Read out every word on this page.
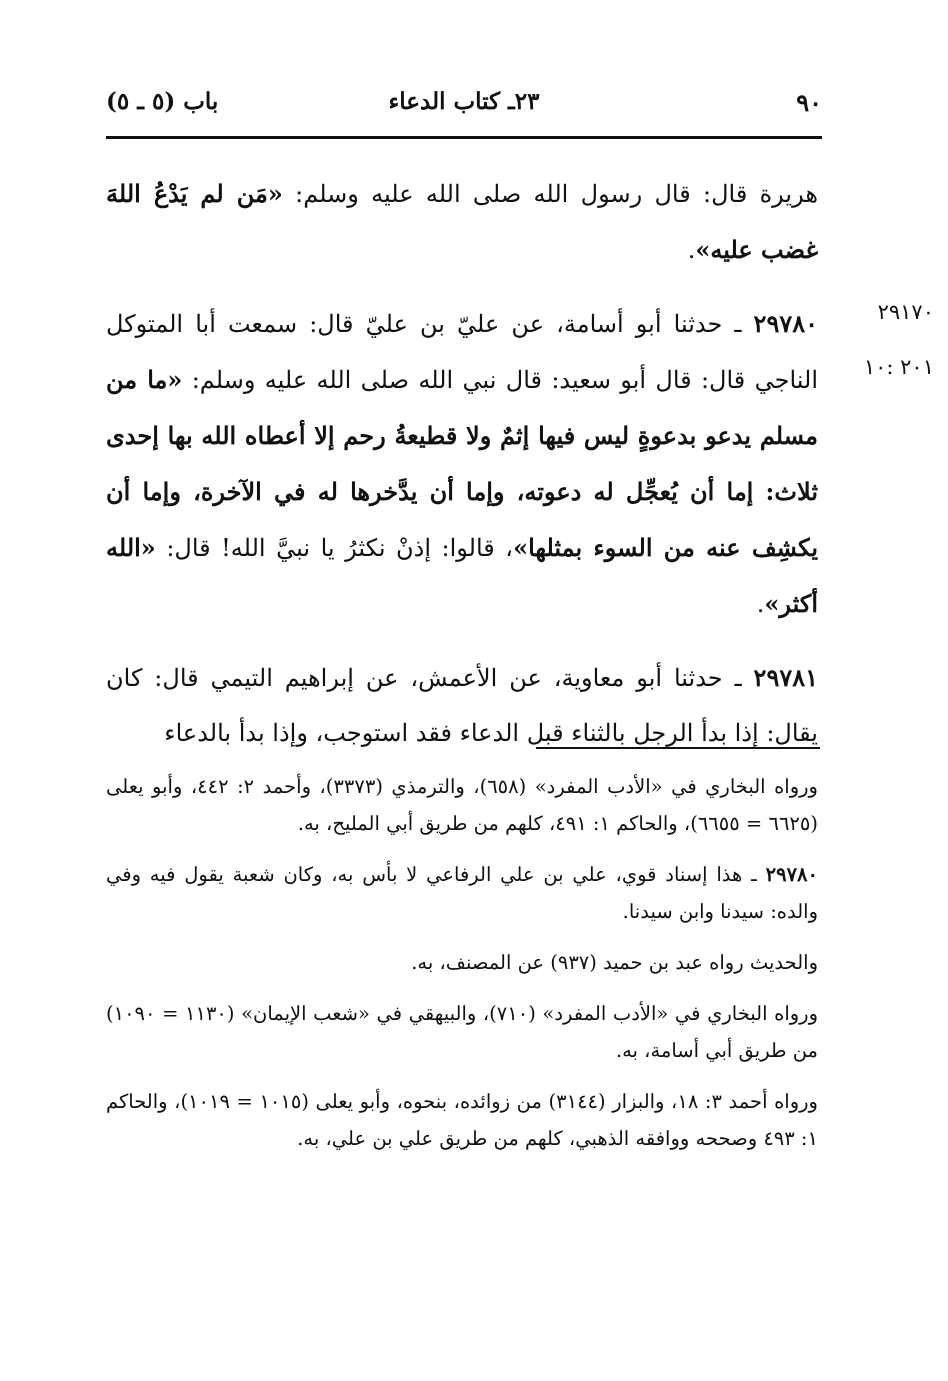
٩٠
٢٣ـ كتاب الدعاء
باب (٥ ـ ٥)

هريرة قال: قال رسول الله صلى الله عليه وسلم: «مَن لم يَدْعُ اللهَ غضب عليه».

٢٩٧٨٠ ـ حدثنا أبو أسامة، عن عليّ بن عليّ قال: سمعت أبا المتوكل الناجي قال: قال أبو سعيد: قال نبي الله صلى الله عليه وسلم: «ما من مسلم يدعو بدعوةٍ ليس فيها إثمٌ ولا قطيعةُ رحم إلا أعطاه الله بها إحدى ثلاث: إما أن يُعجِّل له دعوته، وإما أن يدَّخرها له في الآخرة، وإما أن يكشِف عنه من السوء بمثلها»، قالوا: إذنْ نكثرُ يا نبيَّ الله! قال: «الله أكثر».

٢٩٧٨١ ـ حدثنا أبو معاوية، عن الأعمش، عن إبراهيم التيمي قال: كان يقال: إذا بدأ الرجل بالثناء قبل الدعاء فقد استوجب، وإذا بدأ بالدعاء

٢٩١٧٠
٢٠١ :١٠

ورواه البخاري في «الأدب المفرد» (٦٥٨)، والترمذي (٣٣٧٣)، وأحمد ٢: ٤٤٢، وأبو يعلى (٦٦٢٥ = ٦٦٥٥)، والحاكم ١: ٤٩١، كلهم من طريق أبي المليح، به.

٢٩٧٨٠ ـ هذا إسناد قوي، علي بن علي الرفاعي لا بأس به، وكان شعبة يقول فيه وفي والده: سيدنا وابن سيدنا.

والحديث رواه عبد بن حميد (٩٣٧) عن المصنف، به.

ورواه البخاري في «الأدب المفرد» (٧١٠)، والبيهقي في «شعب الإيمان» (١١٣٠ = ١٠٩٠) من طريق أبي أسامة، به.

ورواه أحمد ٣: ١٨، والبزار (٣١٤٤) من زوائده، بنحوه، وأبو يعلى (١٠١٥ = ١٠١٩)، والحاكم ١: ٤٩٣ وصححه ووافقه الذهبي، كلهم من طريق علي بن علي، به.
